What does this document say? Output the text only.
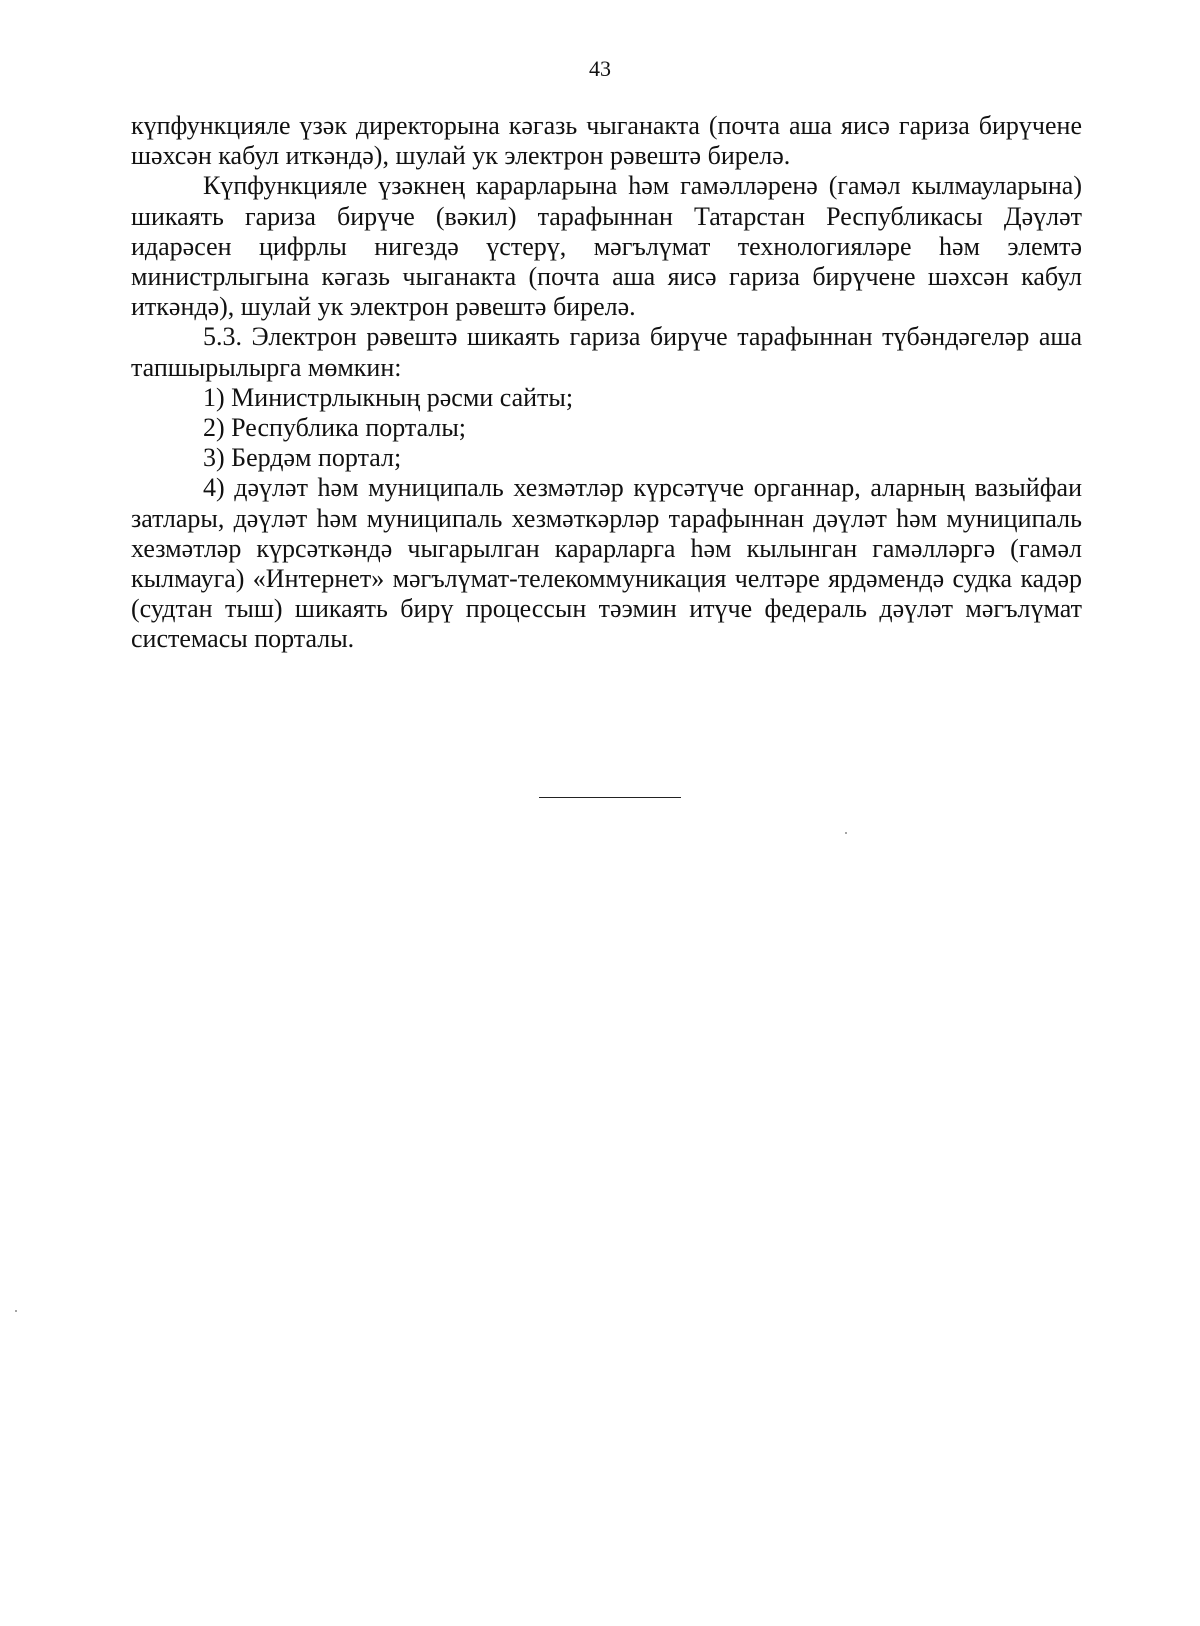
43

күпфункцияле үзәк директорына кәгазь чыганакта (почта аша яисә гариза бирүчене шәхсән кабул иткәндә), шулай ук электрон рәвештә бирелә.

Күпфункцияле үзәкнең карарларына һәм гамәлләренә (гамәл кылмауларына) шикаять гариза бирүче (вәкил) тарафыннан Татарстан Республикасы Дәүләт идарәсен цифрлы нигездә үстерү, мәгълүмат технологияләре һәм элемтә министрлыгына кәгазь чыганакта (почта аша яисә гариза бирүчене шәхсән кабул иткәндә), шулай ук электрон рәвештә бирелә.

5.3. Электрон рәвештә шикаять гариза бирүче тарафыннан түбәндәгеләр аша тапшырылырга мөмкин:

1) Министрлыкның рәсми сайты;

2) Республика порталы;

3) Бердәм портал;

4) дәүләт һәм муниципаль хезмәтләр күрсәтүче органнар, аларның вазыйфаи затлары, дәүләт һәм муниципаль хезмәткәрләр тарафыннан дәүләт һәм муниципаль хезмәтләр күрсәткәндә чыгарылган карарларга һәм кылынган гамәлләргә (гамәл кылмауга) «Интернет» мәгълүмат-телекоммуникация челтәре ярдәмендә судка кадәр (судтан тыш) шикаять бирү процессын тәэмин итүче федераль дәүләт мәгълүмат системасы порталы.
